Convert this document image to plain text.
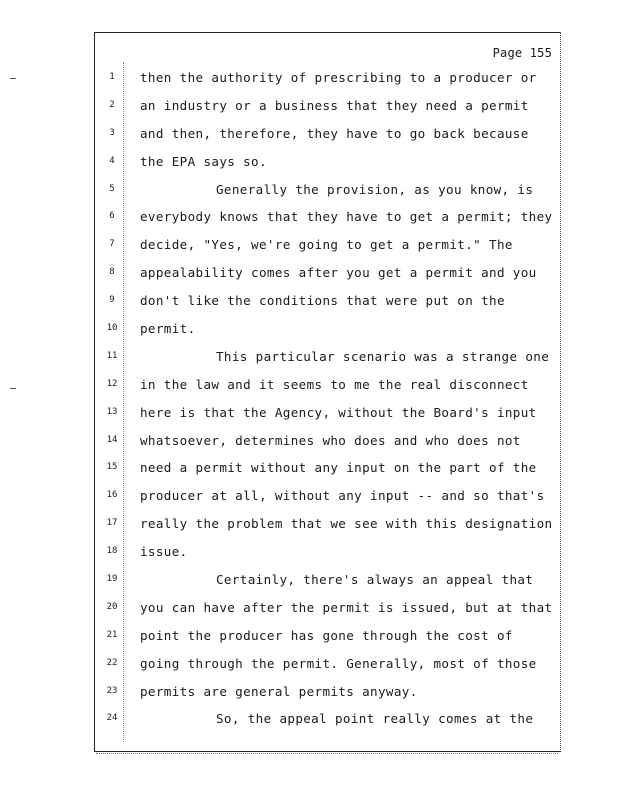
Page 155
1 then the authority of prescribing to a producer or
2 an industry or a business that they need a permit
3 and then, therefore, they have to go back because
4 the EPA says so.
5	Generally the provision, as you know, is
6 everybody knows that they have to get a permit; they
7 decide, "Yes, we're going to get a permit." The
8 appealability comes after you get a permit and you
9 don't like the conditions that were put on the
10 permit.
11	This particular scenario was a strange one
12 in the law and it seems to me the real disconnect
13 here is that the Agency, without the Board's input
14 whatsoever, determines who does and who does not
15 need a permit without any input on the part of the
16 producer at all, without any input -- and so that's
17 really the problem that we see with this designation
18 issue.
19	Certainly, there's always an appeal that
20 you can have after the permit is issued, but at that
21 point the producer has gone through the cost of
22 going through the permit. Generally, most of those
23 permits are general permits anyway.
24	So, the appeal point really comes at the
